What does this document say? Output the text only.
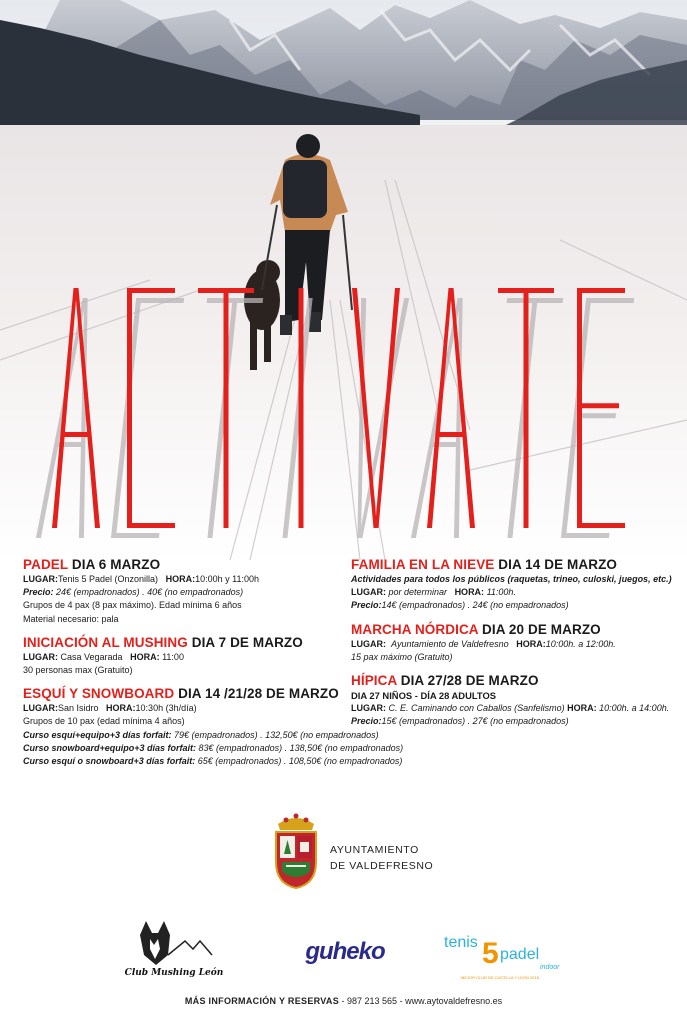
PADEL DIA 6 MARZO
LUGAR:Tenis 5 Padel (Onzonilla) HORA:10:00h y 11:00h
Precio: 24€ (empadronados) . 40€ (no empadronados)
Grupos de 4 pax (8 pax máximo). Edad mínima 6 años
Material necesario: pala
INICIACIÓN AL MUSHING DIA 7 DE MARZO
LUGAR: Casa Vegarada HORA: 11:00
30 personas max (Gratuito)
ESQUÍ Y SNOWBOARD DIA 14 /21/28 DE MARZO
LUGAR:San Isidro HORA:10:30h (3h/día)
Grupos de 10 pax (edad mínima 4 años)
Curso esquí+equipo+3 días forfait: 79€ (empadronados) . 132,50€ (no empadronados)
Curso snowboard+equipo+3 días forfait: 83€ (empadronados) . 138,50€ (no empadronados)
Curso esquí o snowboard+3 días forfait: 65€ (empadronados) . 108,50€ (no empadronados)
FAMILIA EN LA NIEVE DIA 14 DE MARZO
Actividades para todos los públicos (raquetas, trineo, culoski, juegos, etc.)
LUGAR: por determinar HORA: 11:00h.
Precio:14€ (empadronados) . 24€ (no empadronados)
MARCHA NÓRDICA DIA 20 DE MARZO
LUGAR: Ayuntamiento de Valdefresno HORA:10:00h. a 12:00h.
15 pax máximo (Gratuito)
HÍPICA DIA 27/28 DE MARZO
DIA 27 NIÑOS - DÍA 28 ADULTOS
LUGAR: C. E. Caminando con Caballos (Sanfelismo) HORA: 10:00h. a 14:00h.
Precio:15€ (empadronados) . 27€ (no empadronados)
AYUNTAMIENTO
DE VALDEFRESNO
Club Mushing León
guheko	tenis 5 padel
indoor
MEJOR CLUB DE CASTILLA Y LEÓN 2018
MÁS INFORMACIÓN Y RESERVAS - 987 213 565 - www.aytovaldefresno.es
